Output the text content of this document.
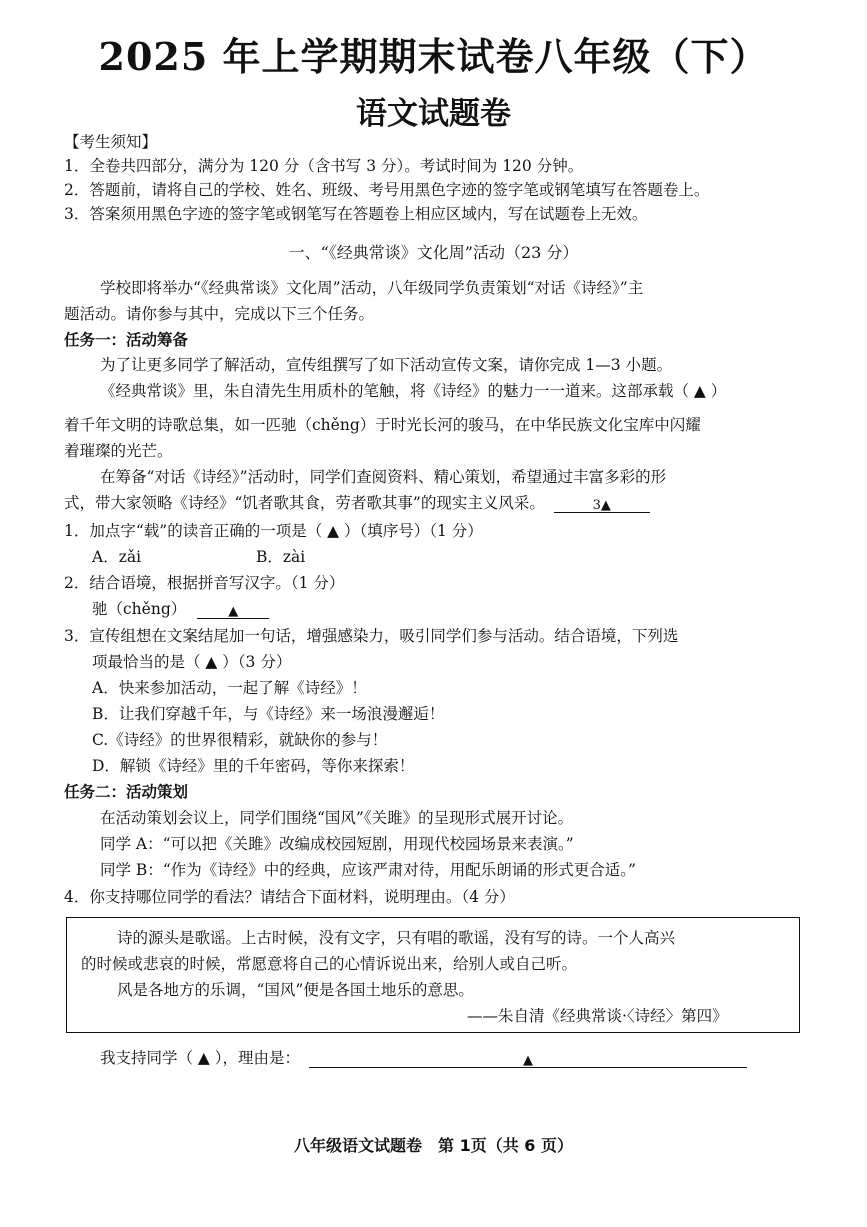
2025 年上学期期末试卷八年级（下）
语文试题卷
【考生须知】
1．全卷共四部分，满分为 120 分（含书写 3 分）。考试时间为 120 分钟。
2．答题前，请将自己的学校、姓名、班级、考号用黑色字迹的签字笔或钢笔填写在答题卷上。
3．答案须用黑色字迹的签字笔或钢笔写在答题卷上相应区域内，写在试题卷上无效。
一、“《经典常谈》文化周”活动（23 分）
学校即将举办“《经典常谈》文化周”活动，八年级同学负责策划“对话《诗经》”主
题活动。请你参与其中，完成以下三个任务。
任务一：活动筹备
为了让更多同学了解活动，宣传组撰写了如下活动宣传文案，请你完成 1—3 小题。
《经典常谈》里，朱自清先生用质朴的笔触，将《诗经》的魅力一一道来。这部承载（ ▲ ）
着千年文明的诗歌总集，如一匹驰（chěng）于时光长河的骏马，在中华民族文化宝库中闪耀
着璀璨的光芒。
在筹备“对话《诗经》”活动时，同学们查阅资料、精心策划，希望通过丰富多彩的形
式，带大家领略《诗经》“饥者歌其食，劳者歌其事”的现实主义风采。	3▲
1．加点字“载”的读音正确的一项是（ ▲ ）（填序号）（1 分）
A．zǎi	B．zài
2．结合语境，根据拼音写汉字。（1 分）
驰（chěng）	▲
3．宣传组想在文案结尾加一句话，增强感染力，吸引同学们参与活动。结合语境，下列选
项最恰当的是（ ▲ ）（3 分）
A．快来参加活动，一起了解《诗经》！
B．让我们穿越千年，与《诗经》来一场浪漫邂逅！
C.《诗经》的世界很精彩，就缺你的参与！
D．解锁《诗经》里的千年密码，等你来探索！
任务二：活动策划
在活动策划会议上，同学们围绕“国风”《关雎》的呈现形式展开讨论。
同学 A：“可以把《关雎》改编成校园短剧，用现代校园场景来表演。”
同学 B：“作为《诗经》中的经典，应该严肃对待，用配乐朗诵的形式更合适。”
4．你支持哪位同学的看法？请结合下面材料，说明理由。（4 分）
诗的源头是歌谣。上古时候，没有文字，只有唱的歌谣，没有写的诗。一个人高兴
的时候或悲哀的时候，常愿意将自己的心情诉说出来，给别人或自己听。
风是各地方的乐调，“国风”便是各国土地乐的意思。
——朱自清《经典常谈·〈诗经〉第四》
我支持同学（ ▲ ），理由是：	▲
八年级语文试题卷　第 1页（共 6 页）
